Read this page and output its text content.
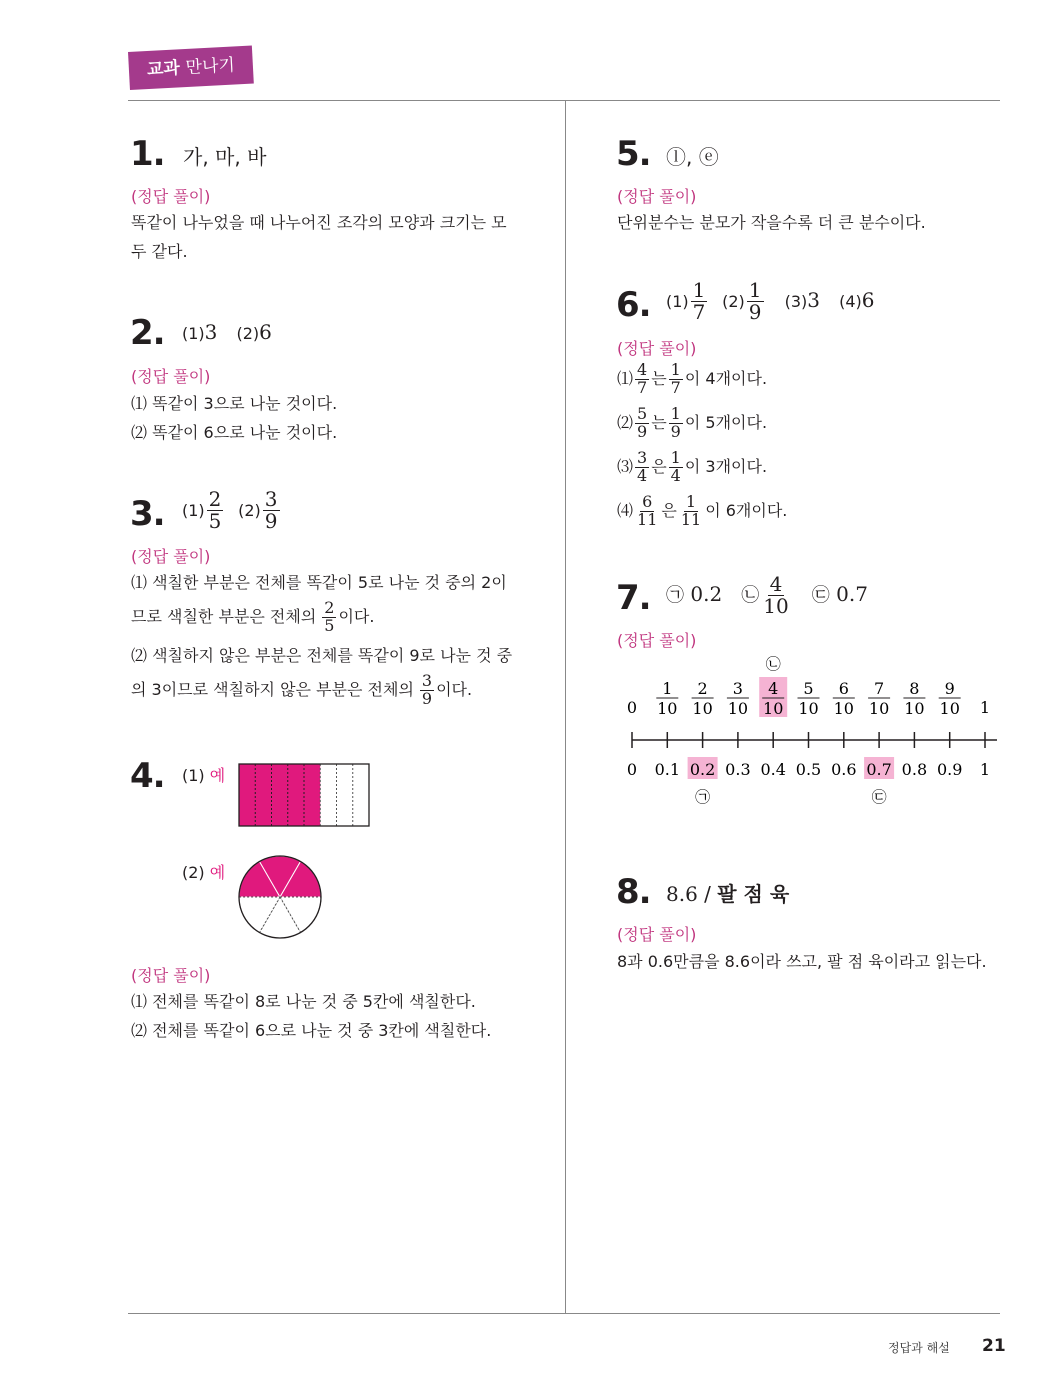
교과 만나기
1. 가, 마, 바
(정답 풀이)
똑같이 나누었을 때 나누어진 조각의 모양과 크기는 모
두 같다.
2. (1)3 (2)6
(정답 풀이)
⑴ 똑같이 3으로 나눈 것이다.
⑵ 똑같이 6으로 나눈 것이다.
3. $(1) \frac{2}{5} (2) \frac{3}{9}$
(정답 풀이)
⑴ 색칠한 부분은 전체를 똑같이 5로 나눈 것 중의 2이
므로 색칠한 부분은 전체의 $\frac{2}{5}$ 이다.
⑵ 색칠하지 않은 부분은 전체를 똑같이 9로 나눈 것 중
의 3이므로 색칠하지 않은 부분은 전체의 $\frac{3}{9}$ 이다.
4. (1) 예
(2) 예
(정답 풀이)
⑴ 전체를 똑같이 8로 나눈 것 중 5칸에 색칠한다.
⑵ 전체를 똑같이 6으로 나눈 것 중 3칸에 색칠한다.
5. ⓛ, ⓔ
(정답 풀이)
단위분수는 분모가 작을수록 더 큰 분수이다.
6. $(1) \frac{1}{7} (2) \frac{1}{9} (3)3$ (4)6
(정답 풀이)
⑴ $\frac{4}{7}$ 는 $\frac{1}{7}$ 이 4개이다.
⑵ $\frac{5}{9}$ 는 $\frac{1}{9}$ 이 5개이다.
⑶ $\frac{3}{4}$ 은 $\frac{1}{4}$ 이 3개이다.
⑷ $\frac{6}{11}$ 은 $\frac{1}{11}$ 이 6개이다.
7. ㉠ 0.2 ㉡ $\frac{4}{10}$ ㉢ 0.7
(정답 풀이)
0
0
1
10
0.1
2
10
0.2
3
10
0.3
4
10
0.4
5
10
0.5
6
10
0.6
7
10
0.7
8
10
0.8
9
10
0.9
1
1
㉡
㉠	㉢
8. 8.6 / 팔 점 육
(정답 풀이)
8과 0.6만큼을 8.6이라 쓰고, 팔 점 육이라고 읽는다.
정답과 해설 21
